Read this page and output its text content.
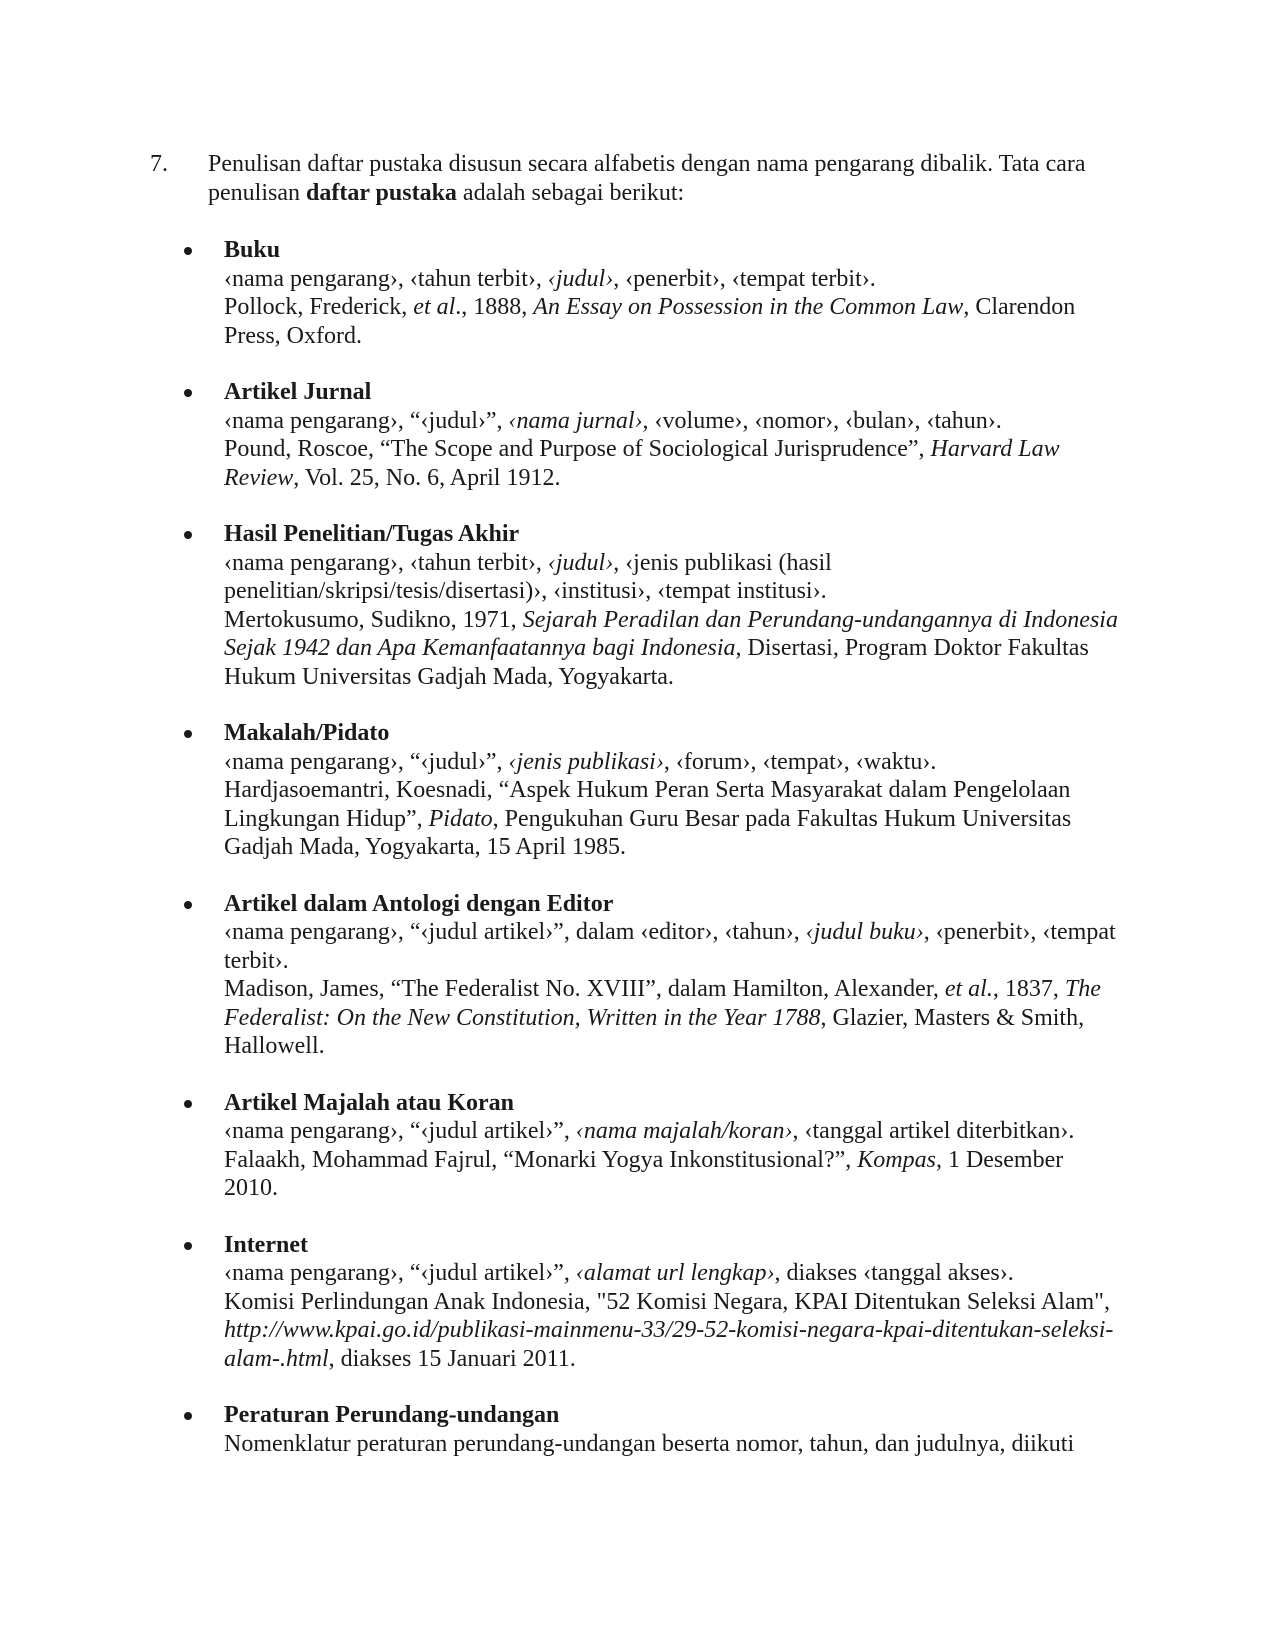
7. Penulisan daftar pustaka disusun secara alfabetis dengan nama pengarang dibalik. Tata cara penulisan daftar pustaka adalah sebagai berikut:
Buku
‹nama pengarang›, ‹tahun terbit›, ‹judul›, ‹penerbit›, ‹tempat terbit›.
Pollock, Frederick, et al., 1888, An Essay on Possession in the Common Law, Clarendon Press, Oxford.
Artikel Jurnal
‹nama pengarang›, “‹judul›”, ‹nama jurnal›, ‹volume›, ‹nomor›, ‹bulan›, ‹tahun›.
Pound, Roscoe, “The Scope and Purpose of Sociological Jurisprudence”, Harvard Law Review, Vol. 25, No. 6, April 1912.
Hasil Penelitian/Tugas Akhir
‹nama pengarang›, ‹tahun terbit›, ‹judul›, ‹jenis publikasi (hasil penelitian/skripsi/tesis/disertasi)›, ‹institusi›, ‹tempat institusi›.
Mertokusumo, Sudikno, 1971, Sejarah Peradilan dan Perundang-undangannya di Indonesia Sejak 1942 dan Apa Kemanfaatannya bagi Indonesia, Disertasi, Program Doktor Fakultas Hukum Universitas Gadjah Mada, Yogyakarta.
Makalah/Pidato
‹nama pengarang›, “‹judul›”, ‹jenis publikasi›, ‹forum›, ‹tempat›, ‹waktu›.
Hardjasoemantri, Koesnadi, “Aspek Hukum Peran Serta Masyarakat dalam Pengelolaan Lingkungan Hidup”, Pidato, Pengukuhan Guru Besar pada Fakultas Hukum Universitas Gadjah Mada, Yogyakarta, 15 April 1985.
Artikel dalam Antologi dengan Editor
‹nama pengarang›, “‹judul artikel›”, dalam ‹editor›, ‹tahun›, ‹judul buku›, ‹penerbit›, ‹tempat terbit›.
Madison, James, “The Federalist No. XVIII”, dalam Hamilton, Alexander, et al., 1837, The Federalist: On the New Constitution, Written in the Year 1788, Glazier, Masters & Smith, Hallowell.
Artikel Majalah atau Koran
‹nama pengarang›, “‹judul artikel›”, ‹nama majalah/koran›, ‹tanggal artikel diterbitkan›.
Falaakh, Mohammad Fajrul, “Monarki Yogya Inkonstitusional?”, Kompas, 1 Desember 2010.
Internet
‹nama pengarang›, “‹judul artikel›”, ‹alamat url lengkap›, diakses ‹tanggal akses›.
Komisi Perlindungan Anak Indonesia, "52 Komisi Negara, KPAI Ditentukan Seleksi Alam", http://www.kpai.go.id/publikasi-mainmenu-33/29-52-komisi-negara-kpai-ditentukan-seleksi-alam-.html, diakses 15 Januari 2011.
Peraturan Perundang-undangan
Nomenklatur peraturan perundang-undangan beserta nomor, tahun, dan judulnya, diikuti
